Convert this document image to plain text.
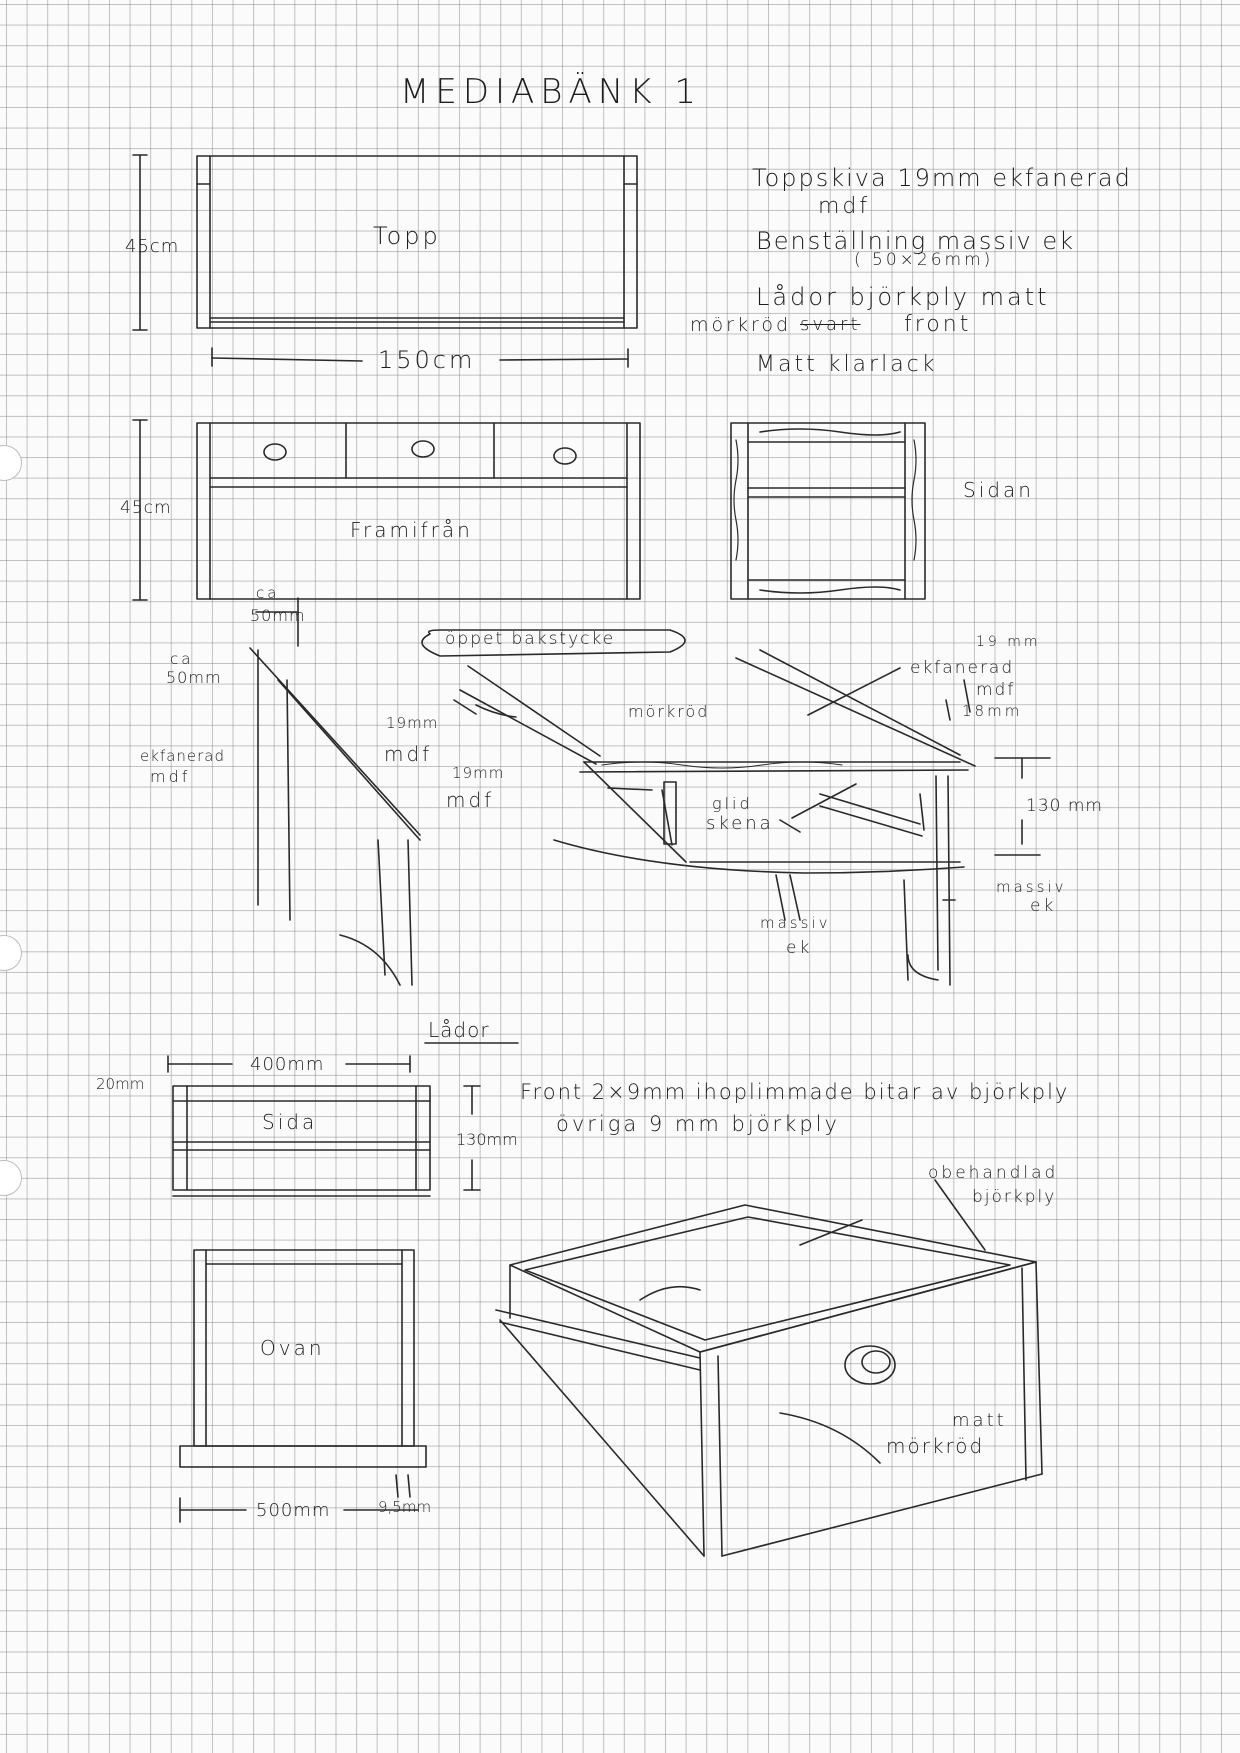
MEDIABÄNK 1
Topp
45cm
150cm
Toppskiva 19mm ekfanerad
mdf
Benställning massiv ek
( 50×26mm)
Lådor björkply matt
mörkröd svart front
Matt klarlack
45cm
Framifrån
Sidan
öppet bakstycke
ca
50mm
ca
50mm
ekfanerad
mdf
19mm
mdf
19mm
mdf	glid
skena
mörkröd
19 mm
ekfanerad
mdf
18mm
130 mm
massiv
ek
massiv
ek
Lådor
400mm
20mm
Sida
130mm
Front 2×9mm ihoplimmade bitar av björkply
övriga 9 mm björkply
obehandlad
björkply
Ovan
500mm	9,5mm
matt
mörkröd
